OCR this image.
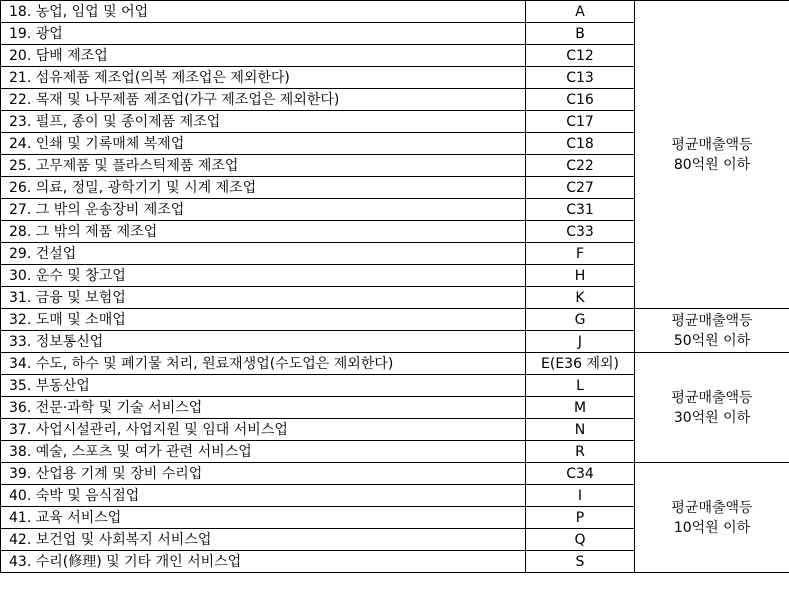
18. 농업, 임업 및 어업	A	평균매출액등
80억원 이하

19. 광업	B	
20. 담배 제조업	C12	
21. 섬유제품 제조업(의복 제조업은 제외한다)	C13	
22. 목재 및 나무제품 제조업(가구 제조업은 제외한다)	C16	
23. 펄프, 종이 및 종이제품 제조업	C17	
24. 인쇄 및 기록매체 복제업	C18	
25. 고무제품 및 플라스틱제품 제조업	C22	
26. 의료, 정밀, 광학기기 및 시계 제조업	C27	
27. 그 밖의 운송장비 제조업	C31	
28. 그 밖의 제품 제조업	C33	
29. 건설업	F	
30. 운수 및 창고업	H	
31. 금융 및 보험업	K	
32. 도매 및 소매업	G	평균매출액등
50억원 이하

33. 정보통신업	J	
34. 수도, 하수 및 폐기물 처리, 원료재생업(수도업은 제외한다)	E(E36 제외)	평균매출액등
30억원 이하

35. 부동산업	L	
36. 전문·과학 및 기술 서비스업	M	
37. 사업시설관리, 사업지원 및 임대 서비스업	N	
38. 예술, 스포츠 및 여가 관련 서비스업	R	
39. 산업용 기계 및 장비 수리업	C34	평균매출액등
10억원 이하

40. 숙박 및 음식점업	I	
41. 교육 서비스업	P	
42. 보건업 및 사회복지 서비스업	Q	
43. 수리(修理) 및 기타 개인 서비스업	S	
